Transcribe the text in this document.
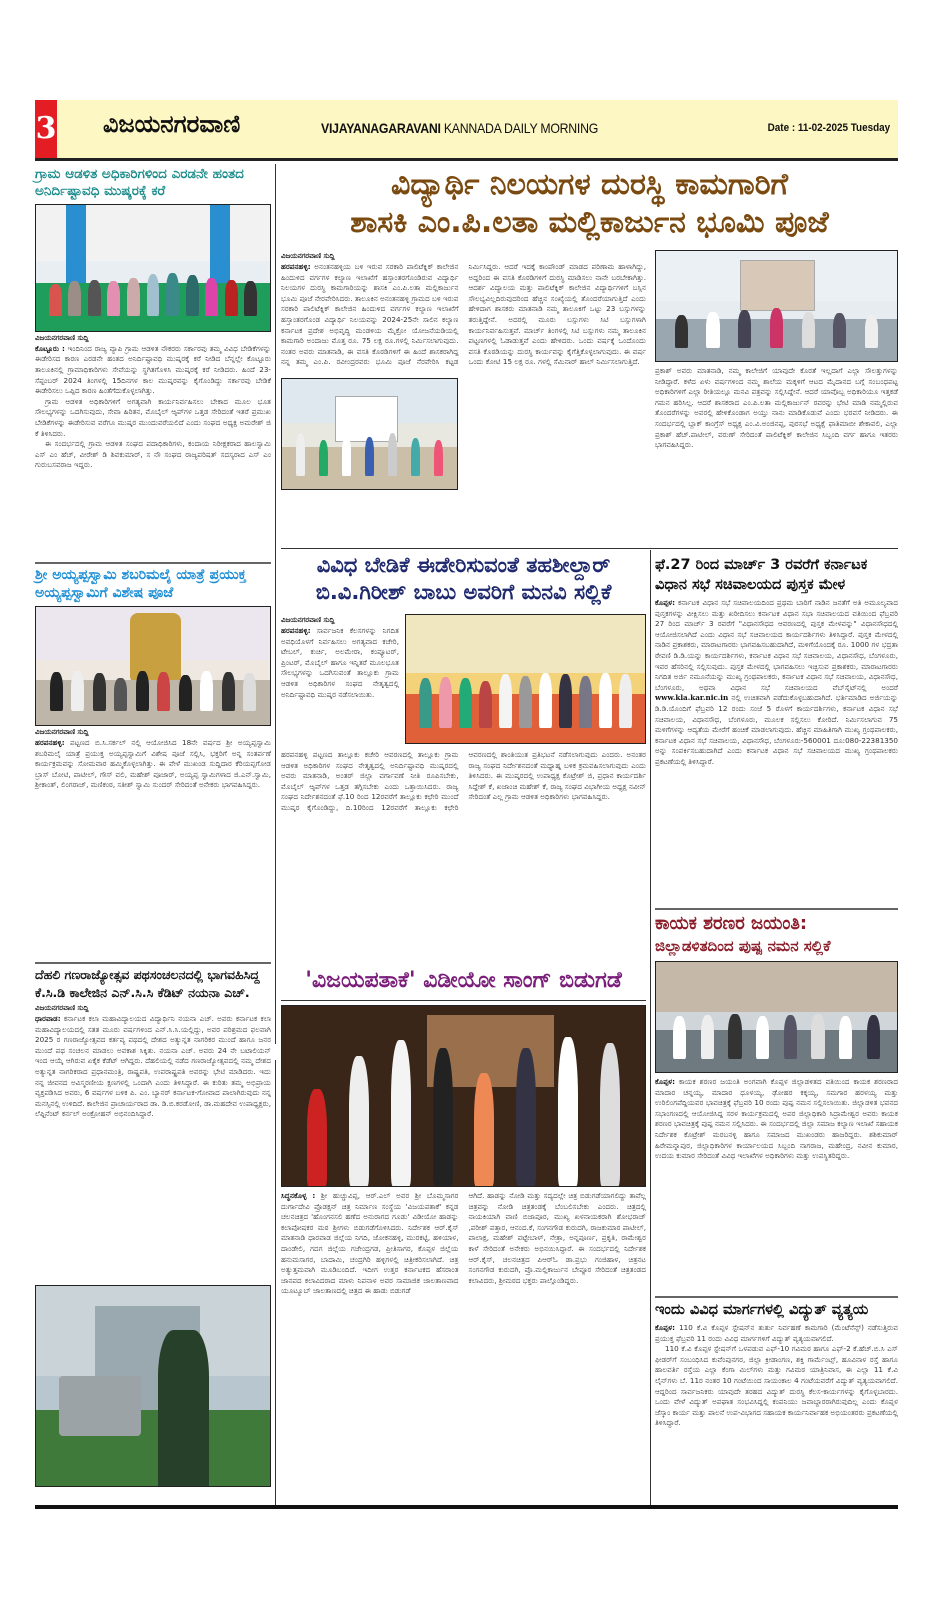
3 ವಿಜಯನಗರವಾಣಿ	VIJAYANAGARAVANI KANNADA DAILY MORNING	Date : 11-02-2025 Tuesday
ಗ್ರಾಮ ಆಡಳಿತ ಅಧಿಕಾರಿಗಳಿಂದ ಎರಡನೇ ಹಂತದ ಅನಿರ್ದಿಷ್ಟಾವಧಿ ಮುಷ್ಕರಕ್ಕೆ ಕರೆ
ವಿಜಯನಗರವಾಣಿ ಸುದ್ದಿ
ಕೊಟ್ಟೂರು : ಇಂದಿನಿಂದ ರಾಜ್ಯ ವ್ಯಾಪಿ ಗ್ರಾಮ ಆಡಳಿತ ನೌಕರರು ಸರ್ಕಾರವು ತಮ್ಮ ವಿವಿಧ ಬೇಡಿಕೆಗಳನ್ನು ಈಡೇರಿಸದ ಕಾರಣ ಎರಡನೇ ಹಂತದ ಅನಿರ್ದಿಷ್ಟಾವಧಿ ಮುಷ್ಕರಕ್ಕೆ ಕರೆ ನೀಡಿದ ಬೆನ್ನಲ್ಲೇ ಕೊಟ್ಟೂರು ತಾಲೂಕಿನಲ್ಲಿ ಗ್ರಾಮಾಧಿಕಾರಿಗಳು ಸೇವೆಯನ್ನು ಸ್ಥಗಿತಗೊಳಿಸಿ ಮುಷ್ಕರಕ್ಕೆ ಕರೆ ನೀಡಿದರು. ಹಿಂದೆ 23-ಸೆಪ್ಟಂಬರ್ 2024 ತಿಂಗಳಲ್ಲಿ 15ದಿನಗಳ ಕಾಲ ಮುಷ್ಕರವನ್ನು ಕೈಗೊಂಡಿದ್ದು ಸರ್ಕಾರವು ಬೇಡಿಕೆ ಈಡೇರಿಸಲು ಒಪ್ಪಿದ ಕಾರಣ ಹಿಂತೆಗೆದುಕೊಳ್ಳಲಾಗಿತ್ತು.
ಗ್ರಾಮ ಆಡಳಿತ ಅಧಿಕಾರಿಗಳಿಗೆ ಅಗತ್ಯವಾಗಿ ಕಾರ್ಯನಿರ್ವಹಿಸಲು ಬೇಕಾದ ಮೂಲ ಭೂತ ಸೌಲಭ್ಯಗಳನ್ನು ಒದಗಿಸುವುದು, ಸೇವಾ ಹಿರಿತನ, ಮೊಬೈಲ್ ಆ್ಯಪ್‌ಗಳ ಒತ್ತಡ ಸೇರಿದಂತೆ ಇತರೆ ಪ್ರಮುಖ ಬೇಡಿಕೆಗಳನ್ನು ಈಡೇರಿಸುವ ವರೆಗೂ ಮುಷ್ಕರ ಮುಂದುವರೆಯಲಿದೆ ಎಂದು ಸಂಘದ ಅಧ್ಯಕ್ಷ ಅಮರೇಶ್ ಜಿ ಕೆ ತಿಳಿಸಿದರು.
ಈ ಸಂದರ್ಭದಲ್ಲಿ ಗ್ರಾಮ ಆಡಳಿತ ಸಂಘದ ಪದಾಧಿಕಾರಿಗಳು, ಕಂದಾಯ ನಿರೀಕ್ಷಕರಾದ ಹಾಲಸ್ವಾಮಿ ಎಸ್ ಎಂ ಹೆಚ್, ವೀರೇಶ್ ಡಿ ಶಿವಕುಮಾರ್, ಸ ನೌ ಸಂಘದ ರಾಜ್ಯಪರಿಷತ್ ಸದಸ್ಯರಾದ ಎಸ್ ಎಂ ಗುರುಬಸವರಾಜ ಇದ್ದರು.
ಶ್ರೀ ಅಯ್ಯಪ್ಪಸ್ವಾಮಿ ಶಬರಿಮಲೈ ಯಾತ್ರೆ ಪ್ರಯುಕ್ತ ಅಯ್ಯಪ್ಪಸ್ವಾಮಿಗೆ ವಿಶೇಷ ಪೂಜೆ
ವಿಜಯನಗರವಾಣಿ ಸುದ್ದಿ
ಹರಪನಹಳ್ಳಿ: ಪಟ್ಟಣದ ಬಿ.ಸಿ.ಸರ್ಕಲ್ ನಲ್ಲಿ ಆಯೋಜಿಸಿದ 18ನೇ ವರ್ಷದ ಶ್ರೀ ಅಯ್ಯಪ್ಪಸ್ವಾಮಿ ಶಬರಿಮಲೈ ಯಾತ್ರೆ ಪ್ರಯುಕ್ತ ಅಯ್ಯಪ್ಪಸ್ವಾಮಿಗೆ ವಿಶೇಷ ಪೂಜೆ ಸಲ್ಲಿಸಿ, ಭಕ್ತರಿಗೆ ಅನ್ನ ಸಂತರ್ಪಣೆ ಕಾರ್ಯಕ್ರಮವನ್ನು ಸೋಮವಾರ ಹಮ್ಮಿಕೊಳ್ಳಲಾಗಿತ್ತು. ಈ ವೇಳೆ ಮುಖಂಡ ಸುದ್ದಿದಾರ ಕೆರಿಯಪ್ಪಗೋಡ ಬ್ರಾಸ್ ಬೋಟಿ, ಪಾಟೀಲ್, ಗೌಸ್ ವಲಿ, ಮಹೇಶ್ ಪೂಜಾರ್, ಅಯ್ಯಪ್ಪ ಸ್ವಾಮಿಗಳಾದ ಜಿ.ಎನ್.ಸ್ವಾಮಿ, ಶ್ರೀಕಾಂತ್, ಲಿಂಗರಾಜ್, ಮಣಿಕಂಠ, ಸತೀಶ್ ಸ್ವಾಮಿ ಸುಂದರ್ ಸೇರಿದಂತೆ ಅನೇಕರು ಭಾಗವಹಿಸಿದ್ದರು.
ವಿದ್ಯಾರ್ಥಿ ನಿಲಯಗಳ ದುರಸ್ಥಿ ಕಾಮಗಾರಿಗೆ
ಶಾಸಕಿ ಎಂ.ಪಿ.ಲತಾ ಮಲ್ಲಿಕಾರ್ಜುನ ಭೂಮಿ ಪೂಜೆ
ವಿಜಯನಗರವಾಣಿ ಸುದ್ದಿ
ಹರಪನಹಳ್ಳಿ: ಅನಂತನಹಳ್ಳಿಯ ಬಳಿ ಇರುವ ಸರಕಾರಿ ಪಾಲಿಟೆಕ್ನಿಕ್ ಕಾಲೇಜಿನ ಹಿಂದುಳಿದ ವರ್ಗಗಳ ಕಲ್ಯಾಣ ಇಲಾಖೆಗೆ ಹಸ್ತಾಂತರಗೊಂಡಿರುವ ವಿದ್ಯಾರ್ಥಿ ನಿಲಯಗಳ ದುರಸ್ಥಿ ಕಾಮಗಾರಿಯನ್ನು ಶಾಸಕಿ ಎಂ.ಪಿ.ಲತಾ ಮಲ್ಲಿಕಾರ್ಜುನ ಭೂಮಿ ಪೂಜೆ ನೇರವೇರಿಸಿದರು. ತಾಲೂಕಿನ ಅನಂತನಹಳ್ಳಿ ಗ್ರಾಮದ ಬಳಿ ಇರುವ ಸರಕಾರಿ ಪಾಲಿಟೆಕ್ನಿಕ್ ಕಾಲೇಜಿನ ಹಿಂದುಳಿದ ವರ್ಗಗಳ ಕಲ್ಯಾಣ ಇಲಾಖೆಗೆ ಹಸ್ತಾಂತರಗೊಂಡ ವಿದ್ಯಾರ್ಥಿ ನಿಲಯವನ್ನು 2024-25ನೇ ಸಾಲಿನ ಕಲ್ಯಾಣ ಕರ್ನಾಟಕ ಪ್ರದೇಶ ಅಭಿವೃದ್ಧಿ ಮಂಡಳಿಯ ಮೈಕ್ರೋ ಯೋಜನೆಯಡಿಯಲ್ಲಿ ಕಾಮಗಾರಿ ಅಂದಾಜು ಮೊತ್ತ ರೂ. 75 ಲಕ್ಷ ರೂ.ಗಳಲ್ಲಿ ನಿರ್ಮಿಸಲಾಗುವುದು. ನಂತರ ಅವರು ಮಾತನಾಡಿ, ಈ ವಸತಿ ಕೊಠಡಿಗಳಿಗೆ ಈ ಹಿಂದೆ ಶಾಸಕರಾಗಿದ್ದ ನನ್ನ ತಮ್ಮ ಎಂ.ಪಿ. ರವೀಂದ್ರರವರು ಭೂಮಿ ಪೂಜೆ ನೆರವೇರಿಸಿ ಕಟ್ಟಡ ನಿರ್ಮಿಸಿದ್ದರು. ಆದರೆ ಇದಕ್ಕೆ ಕಾಂಪೌಂಡ್ ಮಾಡದ ಪರಿಣಾಮ ಹಾಳಾಗಿದ್ದು, ಅದ್ದರಿಂದ ಈ ವಸತಿ ಕೊಠಡಿಗಳಿಗೆ ದುರಸ್ಥಿ ಮಾಡಿಸಲು ನಾನೇ ಬರಬೇಕಾಗಿತ್ತು. ಆದರ್ಶ ವಿದ್ಯಾಲಯ ಮತ್ತು ಪಾಲಿಟೆಕ್ನಿಕ್ ಕಾಲೇಜಿನ ವಿದ್ಯಾರ್ಥಿಗಳಿಗೆ ಬಸ್ಸಿನ ಸೌಲಭ್ಯವಿಲ್ಲದಿರುವುದರಿಂದ ಹೆಚ್ಚಿನ ಸಂಖ್ಯೆಯಲ್ಲಿ ತೊಂದರೆಯಾಗುತ್ತಿದೆ ಎಂದು ಹೇಳಿದಾಗ ಶಾಸಕರು ಮಾತನಾಡಿ ನಮ್ಮ ತಾಲೂಕಿಗೆ ಒಟ್ಟು 23 ಬಸ್ಸುಗಳನ್ನು ತರುತ್ತಿದ್ದೇನೆ. ಅದರಲ್ಲಿ ಮೂರು ಬಸ್ಸುಗಳು ಸಿಟಿ ಬಸ್ಸುಗಳಾಗಿ ಕಾರ್ಯನಿರ್ವಹಿಸುತ್ತವೆ. ಮಾರ್ಚ್ ತಿಂಗಳಲ್ಲಿ ಸಿಟಿ ಬಸ್ಸುಗಳು ನಮ್ಮ ತಾಲೂಕಿನ ಪಟ್ಟಣಗಳಲ್ಲಿ ಓಡಾಡುತ್ತವೆ ಎಂದು ಹೇಳಿದರು. ಒಂದು ವರ್ಷಕ್ಕೆ ಒಂದೊಂದು ವಸತಿ ಕೊಠಡಿಯನ್ನು ದುರಸ್ಥಿ ಕಾರ್ಯವನ್ನು ಕೈಗೆತ್ತಿಕೊಳ್ಳಲಾಗುವುದು. ಈ ವರ್ಷ ಒಂದು ಕೋಟಿ 15 ಲಕ್ಷ ರೂ. ಗಳಲ್ಲಿ ಸೆಮಿನಾರ್ ಹಾಲ್ ನಿರ್ಮಿಸಲಾಗುತ್ತಿದೆ.
ಪ್ರಕಾಶ್ ಅವರು ಮಾತನಾಡಿ, ನಮ್ಮ ಕಾಲೇಜಿಗೆ ಯಾವುದೇ ಕೊರತೆ ಇಲ್ಲದಾಗೆ ಎಲ್ಲಾ ಸೌಲತ್ತುಗಳನ್ನು ನೀಡಿದ್ದಾರೆ. ಕಳೆದ ಏಳು ವರ್ಷಗಳಿಂದ ನಮ್ಮ ಶಾಲೆಯ ಮಕ್ಕಳಿಗೆ ಆಟದ ಮೈದಾನದ ಬಗ್ಗೆ ಸಂಬಂಧಪಟ್ಟ ಅಧಿಕಾರಿಗಳಿಗೆ ಎಲ್ಲಾ ರೀತಿಯಲ್ಲೂ ಮನವಿ ಪತ್ರವನ್ನು ಸಲ್ಲಿಸಿದ್ದೇನೆ. ಆದರೆ ಯಾವೊಬ್ಬ ಅಧಿಕಾರಿಯೂ ಇತ್ತಕಡೆ ಗಮನ ಹರಿಸಿಲ್ಲ. ಆದರೆ ಶಾಸಕರಾದ ಎಂ.ಪಿ.ಲತಾ ಮಲ್ಲಿಕಾರ್ಜುನ್ ರವರನ್ನು ಭೇಟಿ ಮಾಡಿ ನಮ್ಮಲ್ಲಿರುವ ತೊಂದರೆಗಳನ್ನು ಅವರಲ್ಲಿ ಹೇಳಿಕೊಂಡಾಗ ಅಯ್ತು ನಾನು ಮಾಡಿಕೊಡುವೆ ಎಂದು ಭರವಸೆ ನೀಡಿದರು. ಈ ಸಂದರ್ಭದಲ್ಲಿ ಬ್ಲಾಕ್ ಕಾಂಗ್ರೆಸ್ ಅಧ್ಯಕ್ಷ ಎಂ.ವಿ.ಅಂಜಿನಪ್ಪ, ಪುರಸಭೆ ಅಧ್ಯಕ್ಷೆ ಫಾತಿಮಾಬೀ ಶೇಕಾವಲಿ, ಎಲ್ಲಾ ಪ್ರಕಾಶ್ ಹೆಚ್.ಪಾಟೀಲ್, ವರುಣ್ ಸೇರಿದಂತೆ ಪಾಲಿಟೆಕ್ನಿಕ್ ಕಾಲೇಜಿನ ಸಿಬ್ಬಂದಿ ವರ್ಗ ಹಾಗೂ ಇತರರು ಭಾಗವಹಿಸಿದ್ದರು.
ವಿವಿಧ ಬೇಡಿಕೆ ಈಡೇರಿಸುವಂತೆ ತಹಶೀಲ್ದಾರ್
ಬಿ.ವಿ.ಗಿರೀಶ್ ಬಾಬು ಅವರಿಗೆ ಮನವಿ ಸಲ್ಲಿಕೆ
ವಿಜಯನಗರವಾಣಿ ಸುದ್ದಿ
ಹರಪನಹಳ್ಳಿ: ಸಾರ್ವಜನಿಕ ಕೆಲಸಗಳನ್ನು ನಿಗದಿತ ಅವಧಿಯೊಳಗೆ ನಿರ್ವಹಿಸಲು ಅಗತ್ಯವಾದ ಕಚೇರಿ, ಟೇಬಲ್, ಕುರ್ಚಿ, ಅಲಮೇರಾ, ಕಂಪ್ಯೂಟರ್, ಪ್ರಿಂಟರ್, ಮೊಬೈಲ್ ಹಾಗೂ ಇನ್ನಿತರೆ ಮೂಲಭೂತ ಸೌಲಭ್ಯಗಳನ್ನು ಒದಗಿಸುವಂತೆ ತಾಲ್ಲೂಕು ಗ್ರಾಮ ಆಡಳಿತ ಅಧಿಕಾರಿಗಳ ಸಂಘದ ನೇತೃತ್ವದಲ್ಲಿ ಅನಿರ್ದಿಷ್ಟಾವಧಿ ಮುಷ್ಕರ ನಡೆಸಲಾಯಿತು.
ಹರಪನಹಳ್ಳಿ ಪಟ್ಟಣದ ತಾಲ್ಲೂಕು ಕಚೇರಿ ಆವರಣದಲ್ಲಿ ತಾಲ್ಲೂಕು ಗ್ರಾಮ ಆಡಳಿತ ಅಧಿಕಾರಿಗಳ ಸಂಘದ ನೇತೃತ್ವದಲ್ಲಿ ಅನಿರ್ದಿಷ್ಟಾವಧಿ ಮುಷ್ಕರದಲ್ಲಿ ಅವರು ಮಾತನಾಡಿ, ಅಂತರ್ ಜಿಲ್ಲಾ ವರ್ಗಾವಣೆ ನೀತಿ ರೂಪಿಸಬೇಕು, ಮೊಬೈಲ್ ಆ್ಯಪ್‌ಗಳ ಒತ್ತಡ ತಗ್ಗಿಸಬೇಕು ಎಂದು ಒತ್ತಾಯಿಸಿದರು. ರಾಜ್ಯ ಸಂಘದ ನಿರ್ದೇಶನದಂತೆ ಫೆ.10 ರಿಂದ 12ರವರೆಗೆ ತಾಲ್ಲೂಕು ಕಛೇರಿ ಮುಂದೆ ಮುಷ್ಕರ ಕೈಗೊಂಡಿದ್ದು, ದಿ.10ರಿಂದ 12ರವರೆಗೆ ತಾಲ್ಲೂಕು ಕಛೇರಿ ಆವರಣದಲ್ಲಿ ಶಾಂತಿಯುತ ಪ್ರತಿಭಟನೆ ನಡೆಸಲಾಗುವುದು ಎಂದರು. ಅನಂತರ ರಾಜ್ಯ ಸಂಘದ ನಿರ್ದೇಶನದಂತೆ ಮಧ್ಯಾಹ್ನ ಬಳಿಕ ಕ್ರಮವಹಿಸಲಾಗುವುದು ಎಂದು ತಿಳಿಸಿದರು. ಈ ಮುಷ್ಕರದಲ್ಲಿ ಉಪಾಧ್ಯಕ್ಷ ಕೊಟ್ರೇಶ್ ಜಿ, ಪ್ರಧಾನ ಕಾರ್ಯದರ್ಶಿ ಸಿದ್ದೇಶ್ ಕೆ, ಖಜಾಂಚಿ ಮಹೇಶ್ ಕೆ, ರಾಜ್ಯ ಸಂಘದ ವಿಭಾಗೀಯ ಅಧ್ಯಕ್ಷ ನವೀನ್ ಸೇರಿದಂತೆ ಎಲ್ಲ ಗ್ರಾಮ ಆಡಳಿತ ಅಧಿಕಾರಿಗಳು ಭಾಗವಹಿಸಿದ್ದರು.
ಫೆ.27 ರಿಂದ ಮಾರ್ಚ್ 3 ರವರೆಗೆ ಕರ್ನಾಟಕ ವಿಧಾನ ಸಭೆ ಸಚಿವಾಲಯದ ಪುಸ್ತಕ ಮೇಳ
ಕೊಪ್ಪಳ: ಕರ್ನಾಟಕ ವಿಧಾನ ಸಭೆ ಸಚಿವಾಲಯದಿಂದ ಪ್ರಥಮ ಬಾರಿಗೆ ನಾಡಿನ ಜನತೆಗೆ ಅತಿ ಅಮೂಲ್ಯವಾದ ಪುಸ್ತಕಗಳನ್ನು ವೀಕ್ಷಿಸಲು ಮತ್ತು ಖರೀದಿಸಲು ಕರ್ನಾಟಕ ವಿಧಾನ ಸಭಾ ಸಚಿವಾಲಯದ ವತಿಯಿಂದ ಫೆಬ್ರವರಿ 27 ರಿಂದ ಮಾರ್ಚ್ 3 ರವರೆಗೆ "ವಿಧಾನಸೌಧದ ಆವರಣದಲ್ಲಿ ಪುಸ್ತಕ ಮೇಳವನ್ನು" ವಿಧಾನಸೌಧದಲ್ಲಿ ಆಯೋಜಿಸಲಾಗಿದೆ ಎಂದು ವಿಧಾನ ಸಭೆ ಸಚಿವಾಲಯದ ಕಾರ್ಯದರ್ಶಿಗಳು ತಿಳಿಸಿದ್ದಾರೆ. ಪುಸ್ತಕ ಮೇಳದಲ್ಲಿ ನಾಡಿನ ಪ್ರಕಾಶಕರು, ಮಾರಾಟಗಾರರು ಭಾಗವಹಿಸಬಹುದಾಗಿದೆ, ಮಳಿಗೆಯೊಂದಕ್ಕೆ ರೂ. 1000 ಗಳ ಭದ್ರತಾ ಠೇವಣಿ ಡಿ.ಡಿ.ಯನ್ನು ಕಾರ್ಯದರ್ಶಿಗಳು, ಕರ್ನಾಟಕ ವಿಧಾನ ಸಭೆ ಸಚಿವಾಲಯ, ವಿಧಾನಸೌಧ, ಬೆಂಗಳೂರು, ಇವರ ಹೆಸರಿನಲ್ಲಿ ಸಲ್ಲಿಸುವುದು. ಪುಸ್ತಕ ಮೇಳದಲ್ಲಿ ಭಾಗವಹಿಸಲು ಇಚ್ಛಿಸುವ ಪ್ರಕಾಶಕರು, ಮಾರಾಟಗಾರರು ನಿಗದಿತ ಅರ್ಜಿ ನಮೂನೆಯನ್ನು ಮುಖ್ಯ ಗ್ರಂಥಪಾಲಕರು, ಕರ್ನಾಟಕ ವಿಧಾನ ಸಭೆ ಸಚಿವಾಲಯ, ವಿಧಾನಸೌಧ, ಬೆಂಗಳೂರು, ಅಥವಾ ವಿಧಾನ ಸಭೆ ಸಚಿವಾಲಯದ ವೆಬ್‌ಸೈಟ್‌ನಲ್ಲಿ ಅಂದರೆ www.kla.kar.nic.in ನಲ್ಲಿ ಉಚಿತವಾಗಿ ಪಡೆದುಕೊಳ್ಳಬಹುದಾಗಿದೆ. ಭರ್ತಿಮಾಡಿದ ಅರ್ಜಿಯನ್ನು ಡಿ.ಡಿ.ಯೊಂದಿಗೆ ಫೆಬ್ರವರಿ 12 ರಂದು ಸಂಜೆ 5 ರೊಳಗೆ ಕಾರ್ಯದರ್ಶಿಗಳು, ಕರ್ನಾಟಕ ವಿಧಾನ ಸಭೆ ಸಚಿವಾಲಯ, ವಿಧಾನಸೌಧ, ಬೆಂಗಳೂರು, ಮೂಲಕ ಸಲ್ಲಿಸಲು ಕೋರಿದೆ. ನಿರ್ಮಿಸಲಾಗುವ 75 ಮಳಿಗೆಗಳನ್ನು ಆದ್ಯತೆಯ ಮೇರೆಗೆ ಹಂಚಿಕೆ ಮಾಡಲಾಗುವುದು. ಹೆಚ್ಚಿನ ಮಾಹಿತಿಗಾಗಿ ಮುಖ್ಯ ಗ್ರಂಥಪಾಲಕರು, ಕರ್ನಾಟಕ ವಿಧಾನ ಸಭೆ ಸಚಿವಾಲಯ, ವಿಧಾನಸೌಧ, ಬೆಂಗಳೂರು-560001 ದೂ:080-22381350 ಅನ್ನು ಸಂಪರ್ಕಿಸಬಹುದಾಗಿದೆ ಎಂದು ಕರ್ನಾಟಕ ವಿಧಾನ ಸಭೆ ಸಚಿವಾಲಯದ ಮುಖ್ಯ ಗ್ರಂಥಪಾಲಕರು ಪ್ರಕಟಣೆಯಲ್ಲಿ ತಿಳಿಸಿದ್ದಾರೆ.
ಕಾಯಕ ಶರಣರ ಜಯಂತಿ:
ಜಿಲ್ಲಾಡಳಿತದಿಂದ ಪುಷ್ಪ ನಮನ ಸಲ್ಲಿಕೆ
ಕೊಪ್ಪಳ: ಕಾಯಕ ಶರಣರ ಜಯಂತಿ ಅಂಗವಾಗಿ ಕೊಪ್ಪಳ ಜಿಲ್ಲಾಡಳಿತದ ವತಿಯಿಂದ ಕಾಯಕ ಶರಣರಾದ ಮಾದಾರ ಚನ್ನಯ್ಯ, ಮಾದಾರ ಧೂಳಯ್ಯ, ಢೋಹರ ಕಕ್ಕಯ್ಯ, ಸಮಗಾರ ಹರಳಯ್ಯ ಮತ್ತು ಉರಿಲಿಂಗಪೆದ್ದಿಯವರ ಭಾವಚಿತ್ರಕ್ಕೆ ಫೆಬ್ರವರಿ 10 ರಂದು ಪುಷ್ಪ ನಮನ ಸಲ್ಲಿಸಲಾಯಿತು. ಜಿಲ್ಲಾಡಳಿತ ಭವನದ ಸಭಾಂಗಣದಲ್ಲಿ ಆಯೋಜಿಸಿದ್ದ ಸರಳ ಕಾರ್ಯಕ್ರಮದಲ್ಲಿ ಅಪರ ಜಿಲ್ಲಾಧಿಕಾರಿ ಸಿದ್ರಾಮೇಶ್ವರ ಅವರು ಕಾಯಕ ಶರಣರ ಭಾವಚಿತ್ರಕ್ಕೆ ಪುಷ್ಪ ನಮನ ಸಲ್ಲಿಸಿದರು. ಈ ಸಂದರ್ಭದಲ್ಲಿ ಜಿಲ್ಲಾ ಸಮಾಜ ಕಲ್ಯಾಣ ಇಲಾಖೆ ಸಹಾಯಕ ನಿರ್ದೇಶಕ ಕೊಟ್ರೇಶ್ ಮರಬನಳ್ಳಿ ಹಾಗೂ ಸಮಾಜದ ಮುಖಂಡರು ಹಾಜರಿದ್ದರು. ಶಶಿಕುಮಾರ್ ಹಿರೇಮನ್ನಾಪುರ, ಜಿಲ್ಲಾಧಿಕಾರಿಗಳ ಕಾರ್ಯಾಲಯದ ಸಿಬ್ಬಂದಿ ನಾಗರಾಜ, ಮಹೇಂದ್ರ, ನವೀನ ಕುಮಾರ, ಉದಯ ಕುಮಾರ ಸೇರಿದಂತೆ ವಿವಿಧ ಇಲಾಖೆಗಳ ಅಧಿಕಾರಿಗಳು ಮತ್ತು ಉಪಸ್ಥಿತರಿದ್ದರು.
ಇಂದು ವಿವಿಧ ಮಾರ್ಗಗಳಲ್ಲಿ ವಿದ್ಯುತ್ ವ್ಯತ್ಯಯ
ಕೊಪ್ಪಳ: 110 ಕೆ.ವಿ ಕೊಪ್ಪಳ ಸ್ಟೇಷನ್‌ನ ತುರ್ತು ನಿರ್ವಹಣೆ ಕಾಮಗಾರಿ (ಮೆಂಟೆನೆನ್ಸ್) ನಡೆಸುತ್ತಿರುವ ಪ್ರಯುಕ್ತ ಫೆಬ್ರವರಿ 11 ರಂದು ವಿವಿಧ ಮಾರ್ಗಗಳಿಗೆ ವಿದ್ಯುತ್ ವ್ಯತ್ಯಯವಾಗಲಿದೆ.
110 ಕೆ.ವಿ ಕೊಪ್ಪಳ ಸ್ಟೇಷನ್‌ಗೆ ಒಳಪಡುವ ಎಫ್-10 ಗವಿಮಠ ಹಾಗೂ ಎಫ್-2 ಕೆ.ಹೆಚ್.ಬಿ.ಸಿ ಎಸ್ ಫೀಡರ್‌ಗೆ ಸಂಬಂಧಿಸಿದ ಕುವೆಂಪುನಗರ, ಜಿಲ್ಲಾ ಕ್ರೀಡಾಂಗಣ, ಶಕ್ತಿ ಗಾರ್ಮೆಂಟ್ಸ್, ಹೂವಿನಾಳ ರಸ್ತೆ ಹಾಗೂ ಹಾಲವರ್ತಿ ರಸ್ತೆಯ ಎಲ್ಲಾ ಕೆಂಗಾ ಮಿಲ್‌ಗಳು ಮತ್ತು ಗವಿಮಠ ಯಾತ್ರಿನಿವಾಸ, ಈ ಎಲ್ಲಾ 11 ಕೆ.ವಿ ಲೈನ್‌ಗಳು ಬೆ. 11ರ ನಂತರ 10 ಗಂಟೆಯಿಂದ ಸಾಯಂಕಾಲ 4 ಗಂಟೆಯವರೆಗೆ ವಿದ್ಯುತ್ ವ್ಯತ್ಯಯವಾಗಲಿದೆ. ಆದ್ದರಿಂದ ಸಾರ್ವಜನಿಕರು ಯಾವುದೇ ತರಹದ ವಿದ್ಯುತ್ ದುರಸ್ಥಿ ಕೆಲಸ-ಕಾರ್ಯಗಳನ್ನು ಕೈಗೊಳ್ಳಬಾರದು. ಒಂದು ವೇಳೆ ವಿದ್ಯುತ್ ಅಪಘಾತ ಸಂಭವಿಸಿದ್ದಲ್ಲಿ ಕಂಪನಿಯು ಜವಾಬ್ದಾರರಾಗಿರುವುದಿಲ್ಲ ಎಂದು ಕೊಪ್ಪಳ ಜೆಸ್ಕಾಂ ಕಾರ್ಯ ಮತ್ತು ಪಾಲನೆ ಉಪ-ವಿಭಾಗದ ಸಹಾಯಕ ಕಾರ್ಯನಿರ್ವಾಹಕ ಅಭಿಯಂತರರು ಪ್ರಕಟಣೆಯಲ್ಲಿ ತಿಳಿಸಿದ್ದಾರೆ.
ದೆಹಲಿ ಗಣರಾಜ್ಯೋತ್ಸವ ಪಥಸಂಚಲನದಲ್ಲಿ ಭಾಗವಹಿಸಿದ್ದ ಕೆ.ಸಿ.ಡಿ ಕಾಲೇಜಿನ ಎನ್.ಸಿ.ಸಿ ಕೆಡಿಟ್ ನಯನಾ ಎಚ್.
ವಿಜಯನಗರವಾಣಿ ಸುದ್ದಿ
ಧಾರವಾಡ: ಕರ್ನಾಟಕ ಕಲಾ ಮಹಾವಿದ್ಯಾಲಯದ ವಿದ್ಯಾರ್ಥಿನಿ ನಯನಾ ಎಚ್. ಅವರು ಕರ್ನಾಟಕ ಕಲಾ ಮಹಾವಿದ್ಯಾಲಯದಲ್ಲಿ ಸತತ ಮೂರು ವರ್ಷಗಳಿಂದ ಎನ್.ಸಿ.ಸಿ.ಯಲ್ಲಿದ್ದು, ಅವರ ಪರಿಶ್ರಮದ ಫಲವಾಗಿ 2025 ರ ಗಣರಾಜ್ಯೋತ್ಸವದ ಕರ್ತವ್ಯ ಪಥದಲ್ಲಿ ದೇಶದ ಅತ್ಯುನ್ನತ ನಾಗರಿಕರ ಮುಂದೆ ಹಾಗೂ ಜನರ ಮುಂದೆ ಪಥ ಸಂಚಲನ ಮಾಡಲು ಅವಕಾಶ ಸಿಕ್ಕಿತು. ನಯನಾ ಎಚ್. ಅವರು 24 ನೇ ಬಟಾಲಿಯನ್ ಇಂದ ಆಯ್ಕೆ ಆಗಿರುವ ಏಕೈಕ ಕೆಡೆಟ್ ಆಗಿದ್ದರು. ದೆಹಲಿಯಲ್ಲಿ ನಡೆದ ಗಣರಾಜ್ಯೋತ್ಸವದಲ್ಲಿ ನಮ್ಮ ದೇಶದ ಅತ್ಯುನ್ನತ ನಾಗರಿಕರಾದ ಪ್ರಧಾನಮಂತ್ರಿ, ರಾಷ್ಟ್ರಪತಿ, ಉಪರಾಷ್ಟ್ರಪತಿ ಅವರನ್ನು ಭೇಟಿ ಮಾಡಿದರು. ಇದು ನನ್ನ ಜೀವನದ ಅವಿಸ್ಮರಣೀಯ ಕ್ಷಣಗಳಲ್ಲಿ ಒಂದಾಗಿ ಎಂದು ತಿಳಿಸಿದ್ದಾರೆ. ಈ ಕುರಿತು ತಮ್ಮ ಅಭಿಪ್ರಾಯ ವ್ಯಕ್ತಪಡಿಸಿದ ಅವರು, 6 ವರ್ಷಗಳ ಬಳಿಕ ಪಿ. ಎಂ. ಬ್ಯಾನರ್ ಕರ್ನಾಟಕ-ಗೋವಾದ ಪಾಲಾಗಿರುವುದು ನನ್ನ ಮನಸ್ಸಿನಲ್ಲಿ ಉಳಿದಿದೆ. ಕಾಲೇಜಿನ ಪ್ರಾಚಾರ್ಯರಾದ ಡಾ. ಡಿ.ಬಿ.ಕರಡೋಣಿ, ಡಾ.ಮಹದೇವ ಉಪಾಧ್ಯಕ್ಷರು, ಲೆಫ್ಟಿನೆಂಟ್ ಕರ್ನಲ್ ಅಂಕ್ರೋಹನ್ ಅಭಿನಂದಿಸಿದ್ದಾರೆ.
'ವಿಜಯಪತಾಕೆ' ವಿಡೀಯೋ ಸಾಂಗ್ ಬಿಡುಗಡೆ
ಸಿದ್ಧನಕೊಳ್ಳ : ಶ್ರೀ ಹುಚ್ಚುವಿಪ್ಪ, ಆರ್.ಎಲ್ ಅವರ ಶ್ರೀ ಬೊಮ್ಮಸಾಗರ ದುರ್ಗಾದೇವಿ ಪ್ರೊಡಕ್ಷನ್ ಚಿತ್ರ ನಿರ್ಮಾಣ ಸಂಸ್ಥೆಯ 'ವಿಜಯಪತಾಕೆ' ಕನ್ನಡ ಚಲನಚಿತ್ರದ 'ಹೊಂಗನಸಲಿ ಹಣೆದ ಅನುರಾಗದ ಗೂಡು' ವಿಡೀಯೋ ಹಾಡನ್ನು ಕಲಾಪೋಷಕರ ಮಠ ಶ್ರೀಗಳು ಬಿಡುಗಡೆಗೊಳಿಸಿದರು. ನಿರ್ದೇಶಕ ಆರ್.ಕೈಸ್ ಮಾತನಾಡಿ ಧಾರವಾಡ ಜಿಲ್ಲೆಯ ನಿಗದಿ, ಜೋಕನಹಳ್ಳಿ, ಮುರಕಟ್ಟಿ, ಹಳಿಯಾಳ, ದಾಂಡೇಲಿ, ಗದಗ ಜಿಲ್ಲೆಯ ಗಜೇಂದ್ರಗಡ, ಪ್ರೀತಿಸಾಗರ, ಕೊಪ್ಪಳ ಜಿಲ್ಲೆಯ ಹನುಮಸಾಗರ, ಬಾದಾಮಿ, ಚಂದ್ರಗಿರಿ ಹಳ್ಳಿಗಳಲ್ಲಿ ಚಿತ್ರೀಕರಿಸಲಾಗಿದೆ. ಚಿತ್ರ ಅತ್ಯುತ್ತಮವಾಗಿ ಮೂಡಿಬಂದಿದೆ. ಇದೀಗ ಉತ್ತರ ಕರ್ನಾಟಕದ ಹೆಸರಾಂತ ಜಾನಪದ ಕಲಾವಿದರಾದ ಮಾಳು ನಿಪನಾಳ ಅವರ ಸಾಮಾಜಿಕ ಜಾಲತಾಣವಾದ ಯೂಟ್ಯೂಬ್ ಜಾಲತಾಣದಲ್ಲಿ ಚಿತ್ರದ ಈ ಹಾಡು ಬಿಡುಗಡೆ
ಆಗಿದೆ. ಹಾಡನ್ನು ನೋಡಿ ಮತ್ತು ಸದ್ಯದಲ್ಲೇ ಚಿತ್ರ ಬಿಡುಗಡೆಯಾಗಲಿದ್ದು ತಾವೆಲ್ಲ ಚಿತ್ರವನ್ನು ನೋಡಿ ಚಿತ್ರತಂಡಕ್ಕೆ ಬೆಂಬಲಿಸಬೇಕು ಎಂದರು. ಚಿತ್ರದಲ್ಲಿ ನಾಯಕಿಯಾಗಿ ವಾಣಿ ಬಿಜಾಪೂರ, ಮುಖ್ಯ ಖಳನಾಯಕರಾಗಿ ಶೋಭರಾಜ್ ,ಪರೀಶ್ ಪತ್ತಾರ, ಆನಂದ.ಕೆ, ಸಂಗನಗೌಡ ಕುರುದಗಿ, ರಾಜಕುಮಾರ ಪಾಟೀಲ್, ಪಾಲಾಕ್ಷ, ಮಹೇಶ್ ಪಟ್ಟೇಬಾಳ್, ನೇತ್ರಾ, ಅನ್ನಪೂರ್ಣ, ಪ್ರಕೃತಿ, ರಾಮೇಶ್ವರ ಕಾಳೆ ಸೇರಿದಂತೆ ಅನೇಕರು ಅಭಿನಯಿಸಿದ್ದಾರೆ. ಈ ಸಂದರ್ಭದಲ್ಲಿ ನಿರ್ದೇಶಕ ಆರ್.ಕೈಸ್, ಚಲನಚಿತ್ರದ ಪಿಆರ್‌ಓ ಡಾ.ಪ್ರಭು ಗಂಜಿಹಾಳ, ಚಿತ್ರನಟ ಸಂಗನಗೌಡ ಕುರುದಗಿ, ಪ್ರೊ.ಮಲ್ಲಿಕಾರ್ಜುನ ಬೇಪ್ಪೂರ ಸೇರಿದಂತೆ ಚಿತ್ರತಂಡದ ಕಲಾವಿದರು, ಶ್ರೀಮಠದ ಭಕ್ತರು ಪಾಲ್ಗೊಂಡಿದ್ದರು.
